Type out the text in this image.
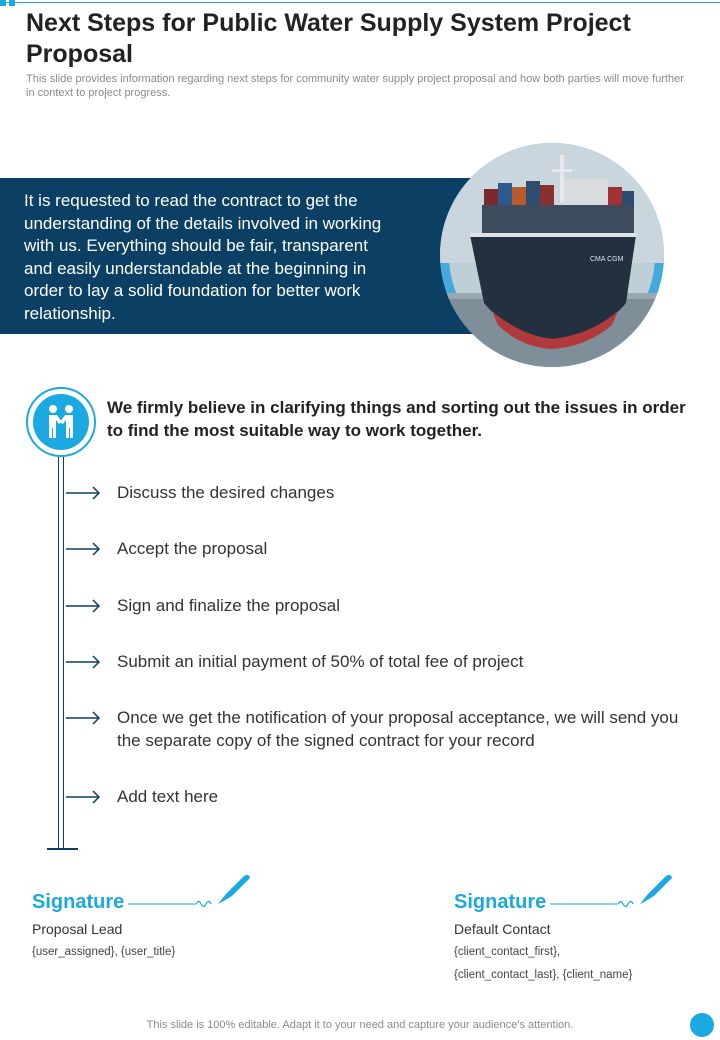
Next Steps for Public Water Supply System Project Proposal

This slide provides information regarding next steps for community water supply project proposal and how both parties will move further in context to project progress.

It is requested to read the contract to get the understanding of the details involved in working with us. Everything should be fair, transparent and easily understandable at the beginning in order to lay a solid foundation for better work relationship.

CMA CGM

We firmly believe in clarifying things and sorting out the issues in order to find the most suitable way to work together.

Discuss the desired changes
Accept the proposal
Sign and finalize the proposal
Submit an initial payment of 50% of total fee of project
Once we get the notification of your proposal acceptance, we will send you the separate copy of the signed contract for your record
Add text here
Signature
Proposal Lead
{user_assigned}, {user_title}
Signature
Default Contact
{client_contact_first},
{client_contact_last}, {client_name}

This slide is 100% editable. Adapt it to your need and capture your audience’s attention.
